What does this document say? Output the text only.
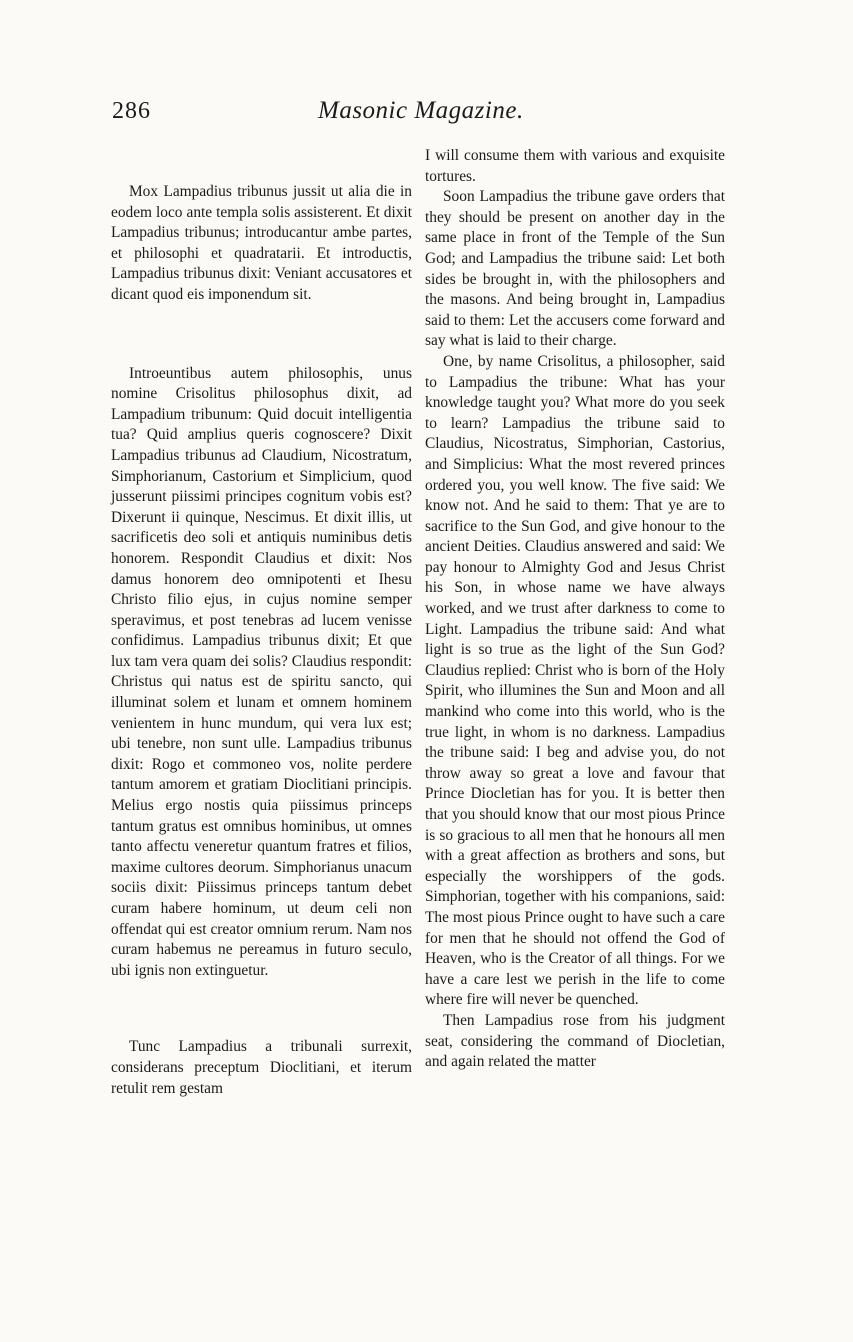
286	Masonic Magazine.

Mox Lampadius tribunus jussit ut alia die in eodem loco ante templa solis assisterent. Et dixit Lampadius tribunus; introducantur ambe partes, et philosophi et quadratarii. Et introductis, Lampadius tribunus dixit: Veniant accusatores et dicant quod eis imponendum sit.

Introeuntibus autem philosophis, unus nomine Crisolitus philosophus dixit, ad Lampadium tribunum: Quid docuit intelligentia tua? Quid amplius queris cognoscere? Dixit Lampadius tribunus ad Claudium, Nicostratum, Simphorianum, Castorium et Simplicium, quod jusserunt piissimi principes cognitum vobis est? Dixerunt ii quinque, Nescimus. Et dixit illis, ut sacrificetis deo soli et antiquis numinibus detis honorem. Respondit Claudius et dixit: Nos damus honorem deo omnipotenti et Ihesu Christo filio ejus, in cujus nomine semper speravimus, et post tenebras ad lucem venisse confidimus. Lampadius tribunus dixit; Et que lux tam vera quam dei solis? Claudius respondit: Christus qui natus est de spiritu sancto, qui illuminat solem et lunam et omnem hominem venientem in hunc mundum, qui vera lux est; ubi tenebre, non sunt ulle. Lampadius tribunus dixit: Rogo et commoneo vos, nolite perdere tantum amorem et gratiam Dioclitiani principis. Melius ergo nostis quia piissimus princeps tantum gratus est omnibus hominibus, ut omnes tanto affectu veneretur quantum fratres et filios, maxime cultores deorum. Simphorianus unacum sociis dixit: Piissimus princeps tantum debet curam habere hominum, ut deum celi non offendat qui est creator omnium rerum. Nam nos curam habemus ne pereamus in futuro seculo, ubi ignis non extinguetur.

Tunc Lampadius a tribunali surrexit, considerans preceptum Dioclitiani, et iterum retulit rem gestam

I will consume them with various and exquisite tortures.

Soon Lampadius the tribune gave orders that they should be present on another day in the same place in front of the Temple of the Sun God; and Lampadius the tribune said: Let both sides be brought in, with the philosophers and the masons. And being brought in, Lampadius said to them: Let the accusers come forward and say what is laid to their charge.

One, by name Crisolitus, a philosopher, said to Lampadius the tribune: What has your knowledge taught you? What more do you seek to learn? Lampadius the tribune said to Claudius, Nicostratus, Simphorian, Castorius, and Simplicius: What the most revered princes ordered you, you well know. The five said: We know not. And he said to them: That ye are to sacrifice to the Sun God, and give honour to the ancient Deities. Claudius answered and said: We pay honour to Almighty God and Jesus Christ his Son, in whose name we have always worked, and we trust after darkness to come to Light. Lampadius the tribune said: And what light is so true as the light of the Sun God? Claudius replied: Christ who is born of the Holy Spirit, who illumines the Sun and Moon and all mankind who come into this world, who is the true light, in whom is no darkness. Lampadius the tribune said: I beg and advise you, do not throw away so great a love and favour that Prince Diocletian has for you. It is better then that you should know that our most pious Prince is so gracious to all men that he honours all men with a great affection as brothers and sons, but especially the worshippers of the gods. Simphorian, together with his companions, said: The most pious Prince ought to have such a care for men that he should not offend the God of Heaven, who is the Creator of all things. For we have a care lest we perish in the life to come where fire will never be quenched.

Then Lampadius rose from his judgment seat, considering the command of Diocletian, and again related the matter
